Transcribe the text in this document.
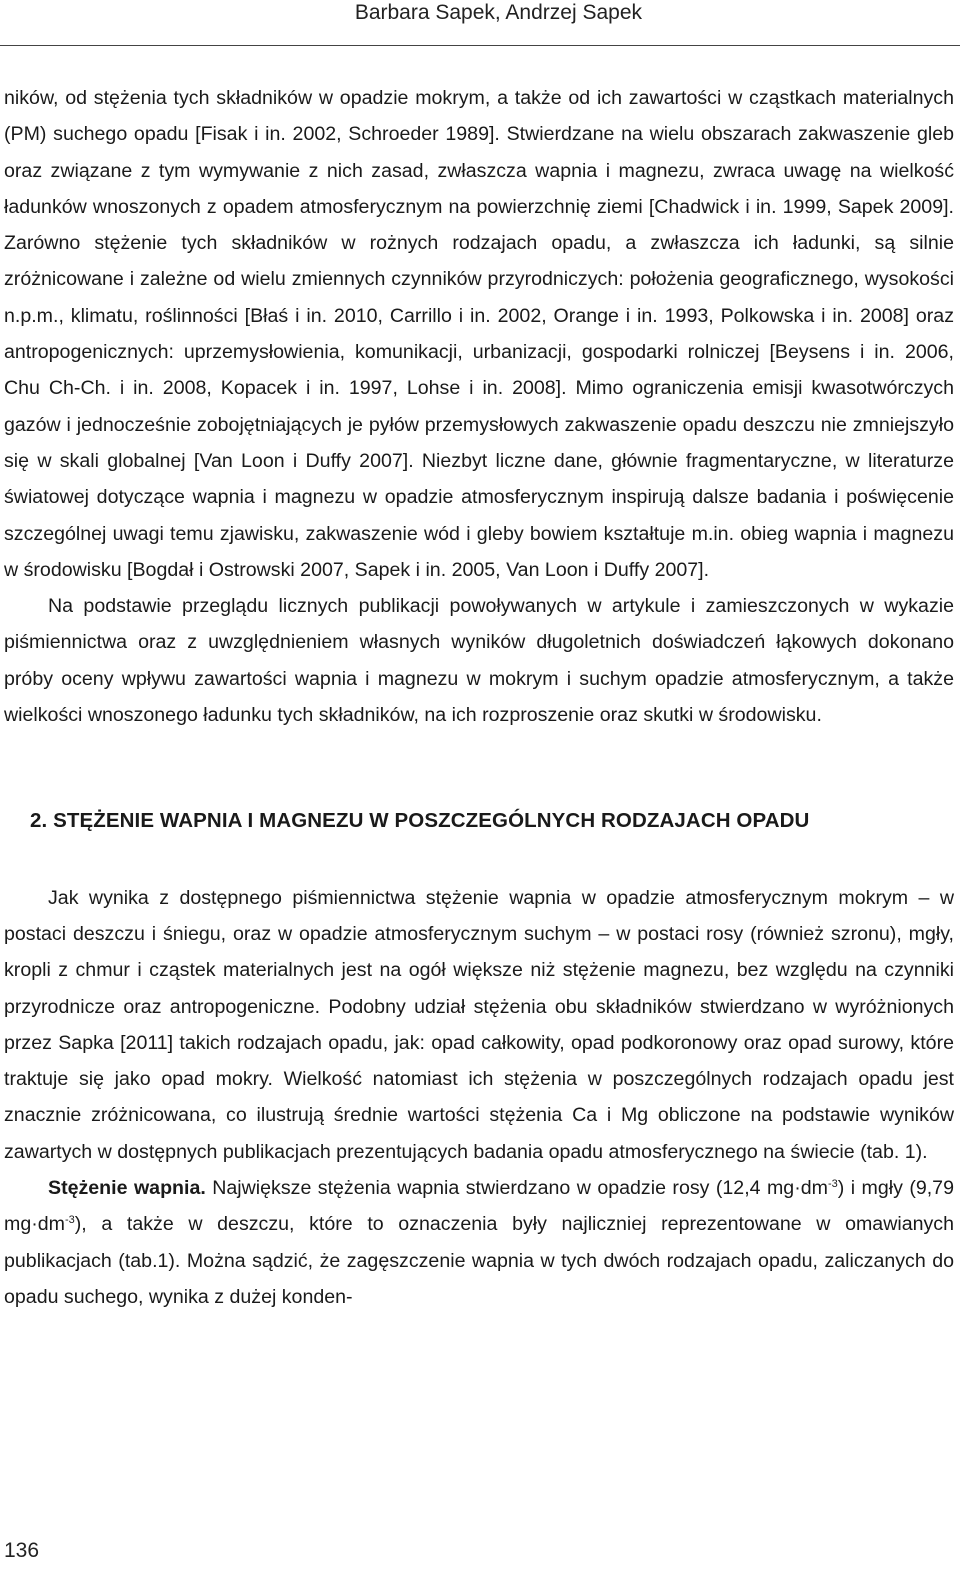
Barbara Sapek, Andrzej Sapek

ników, od stężenia tych składników w opadzie mokrym, a także od ich zawartości w cząstkach materialnych (PM) suchego opadu [Fisak i in. 2002, Schroeder 1989]. Stwierdzane na wielu obszarach zakwaszenie gleb oraz związane z tym wymywanie z nich zasad, zwłaszcza wapnia i magnezu, zwraca uwagę na wielkość ładunków wnoszonych z opadem atmosferycznym na powierzchnię ziemi [Chadwick i in. 1999, Sapek 2009]. Zarówno stężenie tych składników w rożnych rodzajach opadu, a zwłaszcza ich ładunki, są silnie zróżnicowane i zależne od wielu zmiennych czynników przyrodniczych: położenia geograficznego, wysokości n.p.m., klimatu, roślinności [Błaś i in. 2010, Carrillo i in. 2002, Orange i in. 1993, Polkowska i in. 2008] oraz antropogenicznych: uprzemysłowienia, komunikacji, urbanizacji, gospodarki rolniczej [Beysens i in. 2006, Chu Ch-Ch. i in. 2008, Kopacek i in. 1997, Lohse i in. 2008]. Mimo ograniczenia emisji kwasotwórczych gazów i jednocześnie zobojętniających je pyłów przemysłowych zakwaszenie opadu deszczu nie zmniejszyło się w skali globalnej [Van Loon i Duffy 2007]. Niezbyt liczne dane, głównie fragmentaryczne, w literaturze światowej dotyczące wapnia i magnezu w opadzie atmosferycznym inspirują dalsze badania i poświęcenie szczególnej uwagi temu zjawisku, zakwaszenie wód i gleby bowiem kształtuje m.in. obieg wapnia i magnezu w środowisku [Bogdał i Ostrowski 2007, Sapek i in. 2005, Van Loon i Duffy 2007].

Na podstawie przeglądu licznych publikacji powoływanych w artykule i zamieszczonych w wykazie piśmiennictwa oraz z uwzględnieniem własnych wyników długoletnich doświadczeń łąkowych dokonano próby oceny wpływu zawartości wapnia i magnezu w mokrym i suchym opadzie atmosferycznym, a także wielkości wnoszonego ładunku tych składników, na ich rozproszenie oraz skutki w środowisku.

2. STĘŻENIE WAPNIA I MAGNEZU W POSZCZEGÓLNYCH RODZAJACH OPADU

Jak wynika z dostępnego piśmiennictwa stężenie wapnia w opadzie atmosferycznym mokrym – w postaci deszczu i śniegu, oraz w opadzie atmosferycznym suchym – w postaci rosy (również szronu), mgły, kropli z chmur i cząstek materialnych jest na ogół większe niż stężenie magnezu, bez względu na czynniki przyrodnicze oraz antropogeniczne. Podobny udział stężenia obu składników stwierdzano w wyróżnionych przez Sapka [2011] takich rodzajach opadu, jak: opad całkowity, opad podkoronowy oraz opad surowy, które traktuje się jako opad mokry. Wielkość natomiast ich stężenia w poszczególnych rodzajach opadu jest znacznie zróżnicowana, co ilustrują średnie wartości stężenia Ca i Mg obliczone na podstawie wyników zawartych w dostępnych publikacjach prezentujących badania opadu atmosferycznego na świecie (tab. 1).

Stężenie wapnia. Największe stężenia wapnia stwierdzano w opadzie rosy (12,4 $mg\cdot dm^{-3}$) i mgły (9,79 $mg\cdot dm^{-3}$), a także w deszczu, które to oznaczenia były najliczniej reprezentowane w omawianych publikacjach (tab.1). Można sądzić, że zagęszczenie wapnia w tych dwóch rodzajach opadu, zaliczanych do opadu suchego, wynika z dużej konden-

136
